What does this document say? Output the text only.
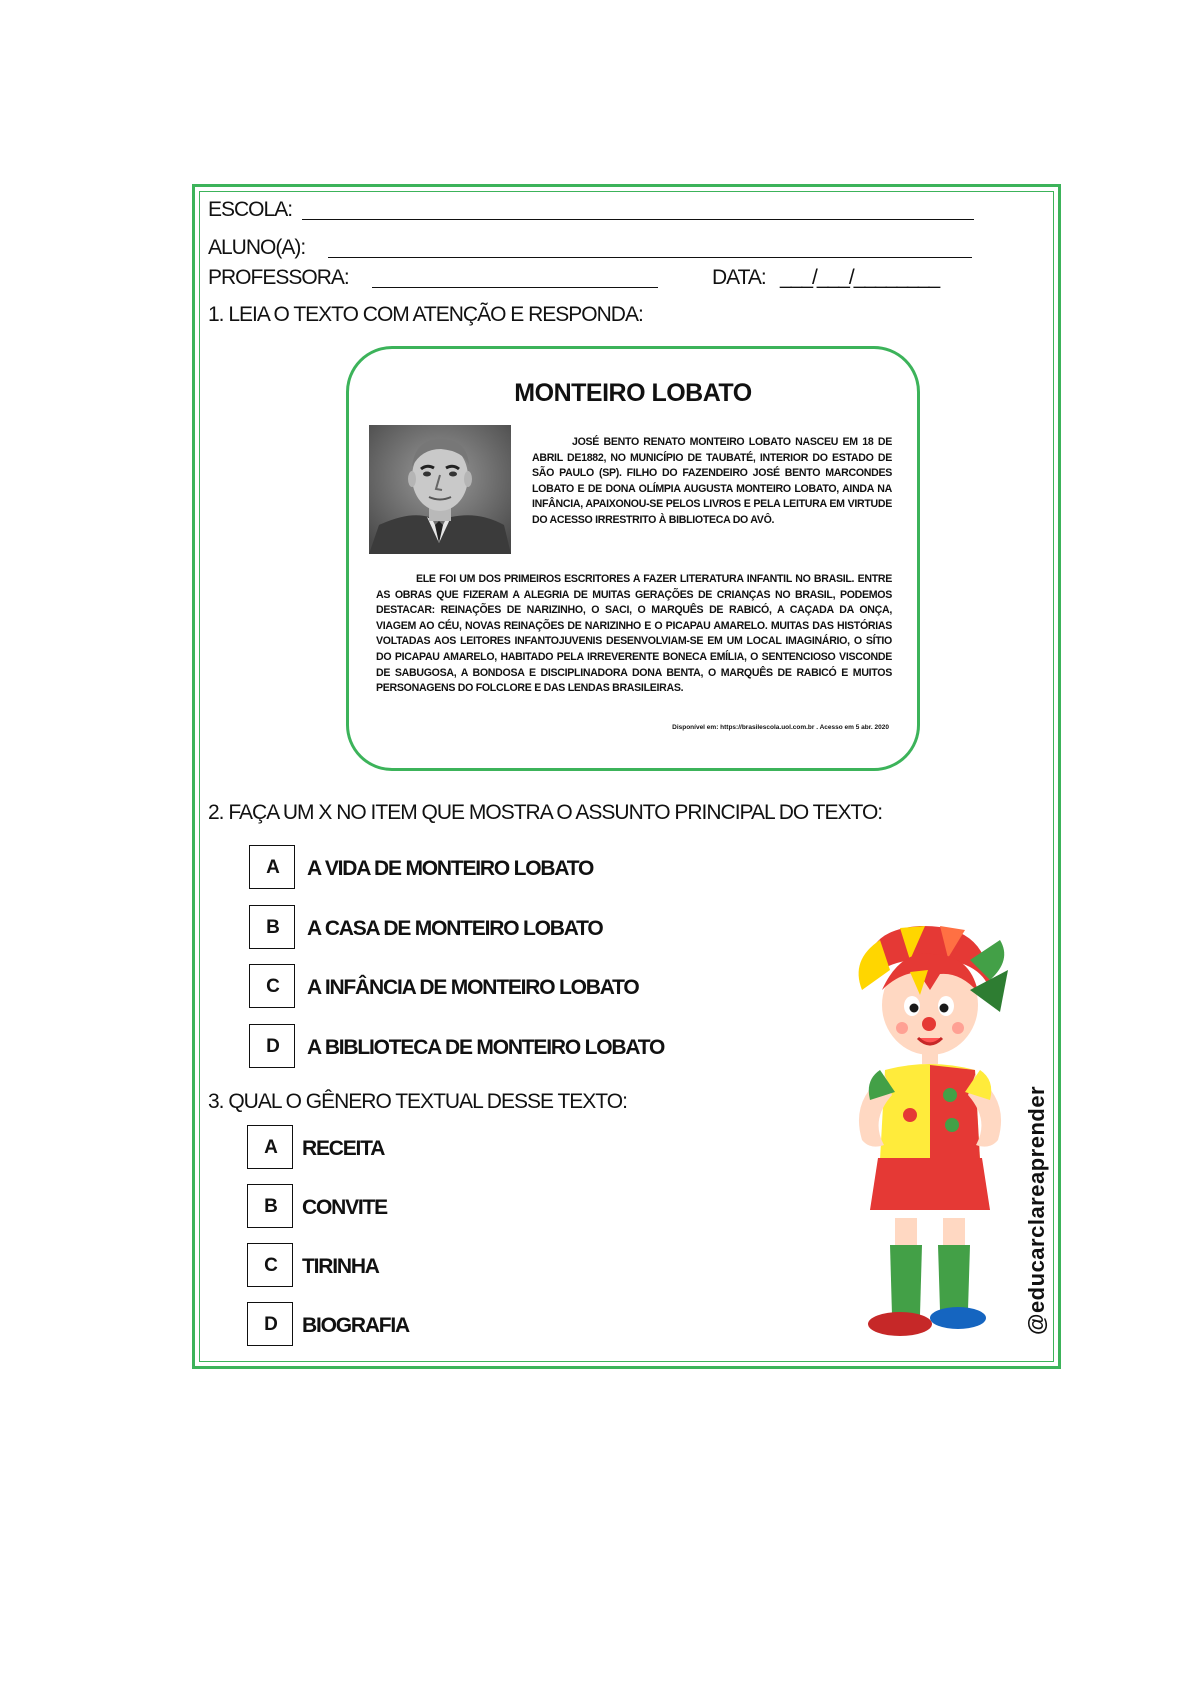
ESCOLA:
ALUNO(A):
PROFESSORA:	DATA: ___/___/________
1. LEIA O TEXTO COM ATENÇÃO E RESPONDA:
MONTEIRO LOBATO

JOSÉ BENTO RENATO MONTEIRO LOBATO NASCEU EM 18 DE ABRIL DE1882, NO MUNICÍPIO DE TAUBATÉ, INTERIOR DO ESTADO DE SÃO PAULO (SP). FILHO DO FAZENDEIRO JOSÉ BENTO MARCONDES LOBATO E DE DONA OLÍMPIA AUGUSTA MONTEIRO LOBATO, AINDA NA INFÂNCIA, APAIXONOU-SE PELOS LIVROS E PELA LEITURA EM VIRTUDE DO ACESSO IRRESTRITO À BIBLIOTECA DO AVÔ.

ELE FOI UM DOS PRIMEIROS ESCRITORES A FAZER LITERATURA INFANTIL NO BRASIL. ENTRE AS OBRAS QUE FIZERAM A ALEGRIA DE MUITAS GERAÇÕES DE CRIANÇAS NO BRASIL, PODEMOS DESTACAR: REINAÇÕES DE NARIZINHO, O SACI, O MARQUÊS DE RABICÓ, A CAÇADA DA ONÇA, VIAGEM AO CÉU, NOVAS REINAÇÕES DE NARIZINHO E O PICAPAU AMARELO. MUITAS DAS HISTÓRIAS VOLTADAS AOS LEITORES INFANTOJUVENIS DESENVOLVIAM-SE EM UM LOCAL IMAGINÁRIO, O SÍTIO DO PICAPAU AMARELO, HABITADO PELA IRREVERENTE BONECA EMÍLIA, O SENTENCIOSO VISCONDE DE SABUGOSA, A BONDOSA E DISCIPLINADORA DONA BENTA, O MARQUÊS DE RABICÓ E MUITOS PERSONAGENS DO FOLCLORE E DAS LENDAS BRASILEIRAS.

Disponível em: https://brasilescola.uol.com.br . Acesso em 5 abr. 2020
2. FAÇA UM X NO ITEM QUE MOSTRA O ASSUNTO PRINCIPAL DO TEXTO:
A	A VIDA DE MONTEIRO LOBATO
B	A CASA DE MONTEIRO LOBATO
C	A INFÂNCIA DE MONTEIRO LOBATO
D	A BIBLIOTECA DE MONTEIRO LOBATO
3. QUAL O GÊNERO TEXTUAL DESSE TEXTO:
A	RECEITA
B	CONVITE
C	TIRINHA
D	BIOGRAFIA	@educarclareaprender
